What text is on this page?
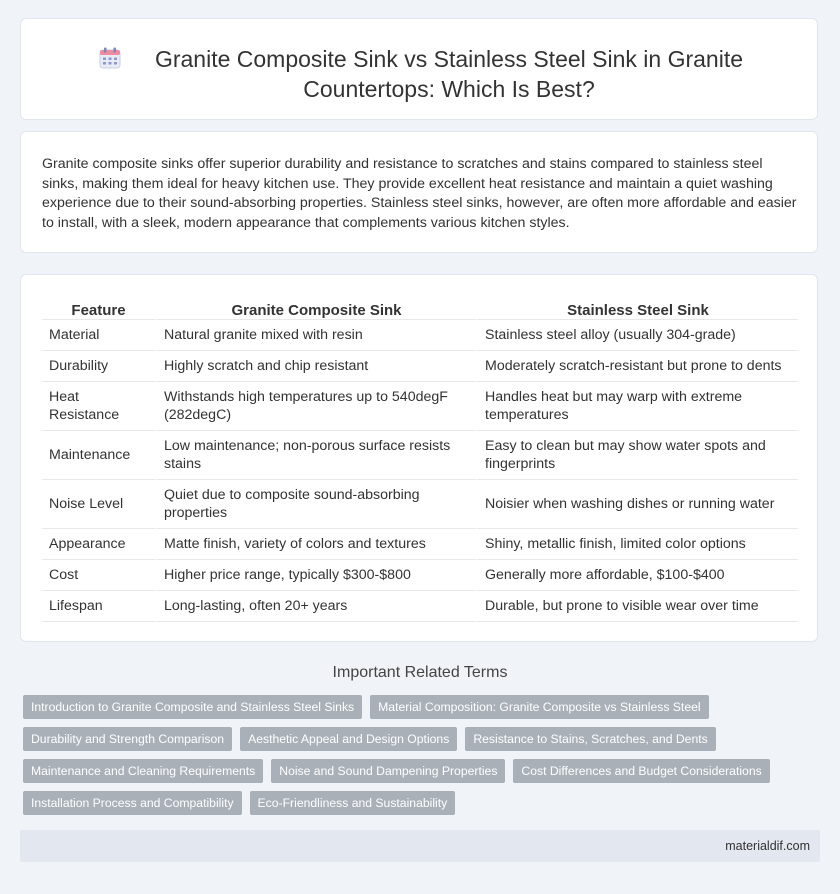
Granite Composite Sink vs Stainless Steel Sink in Granite Countertops: Which Is Best?

Granite composite sinks offer superior durability and resistance to scratches and stains compared to stainless steel sinks, making them ideal for heavy kitchen use. They provide excellent heat resistance and maintain a quiet washing experience due to their sound-absorbing properties. Stainless steel sinks, however, are often more affordable and easier to install, with a sleek, modern appearance that complements various kitchen styles.

Feature	Granite Composite Sink	Stainless Steel Sink
Material	Natural granite mixed with resin	Stainless steel alloy (usually 304-grade)
Durability	Highly scratch and chip resistant	Moderately scratch-resistant but prone to dents
Heat Resistance	Withstands high temperatures up to 540degF (282degC)	Handles heat but may warp with extreme temperatures
Maintenance	Low maintenance; non-porous surface resists stains	Easy to clean but may show water spots and fingerprints
Noise Level	Quiet due to composite sound-absorbing properties	Noisier when washing dishes or running water
Appearance	Matte finish, variety of colors and textures	Shiny, metallic finish, limited color options
Cost	Higher price range, typically $300-$800	Generally more affordable, $100-$400
Lifespan	Long-lasting, often 20+ years	Durable, but prone to visible wear over time
Important Related Terms
Introduction to Granite Composite and Stainless Steel Sinks	Material Composition: Granite Composite vs Stainless Steel
Durability and Strength Comparison	Aesthetic Appeal and Design Options	Resistance to Stains, Scratches, and Dents
Maintenance and Cleaning Requirements	Noise and Sound Dampening Properties	Cost Differences and Budget Considerations
Installation Process and Compatibility	Eco-Friendliness and Sustainability
materialdif.com
